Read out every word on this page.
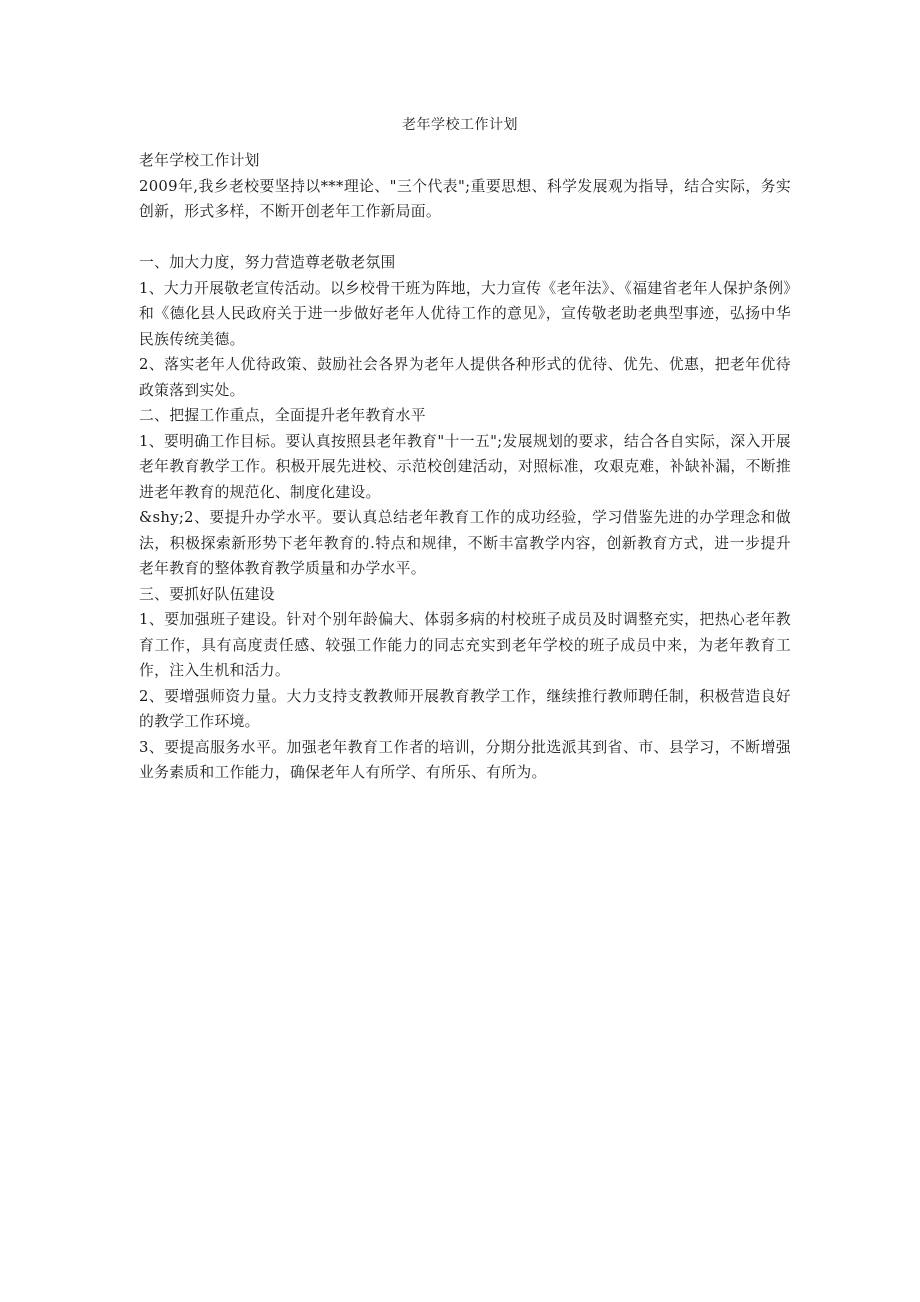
老年学校工作计划

老年学校工作计划

2009年,我乡老校要坚持以***理论、"三个代表";重要思想、科学发展观为指导，结合实际，务实创新，形式多样，不断开创老年工作新局面。

一、加大力度，努力营造尊老敬老氛围

1、大力开展敬老宣传活动。以乡校骨干班为阵地，大力宣传《老年法》、《福建省老年人保护条例》和《德化县人民政府关于进一步做好老年人优待工作的意见》，宣传敬老助老典型事迹，弘扬中华民族传统美德。

2、落实老年人优待政策、鼓励社会各界为老年人提供各种形式的优待、优先、优惠，把老年优待政策落到实处。

二、把握工作重点，全面提升老年教育水平

1、要明确工作目标。要认真按照县老年教育"十一五";发展规划的要求，结合各自实际，深入开展老年教育教学工作。积极开展先进校、示范校创建活动，对照标准，攻艰克难，补缺补漏，不断推进老年教育的规范化、制度化建设。

&shy;2、要提升办学水平。要认真总结老年教育工作的成功经验，学习借鉴先进的办学理念和做法，积极探索新形势下老年教育的.特点和规律，不断丰富教学内容，创新教育方式，进一步提升老年教育的整体教育教学质量和办学水平。

三、要抓好队伍建设

1、要加强班子建设。针对个别年龄偏大、体弱多病的村校班子成员及时调整充实，把热心老年教育工作，具有高度责任感、较强工作能力的同志充实到老年学校的班子成员中来，为老年教育工作，注入生机和活力。

2、要增强师资力量。大力支持支教教师开展教育教学工作，继续推行教师聘任制，积极营造良好的教学工作环境。

3、要提高服务水平。加强老年教育工作者的培训，分期分批选派其到省、市、县学习，不断增强业务素质和工作能力，确保老年人有所学、有所乐、有所为。
